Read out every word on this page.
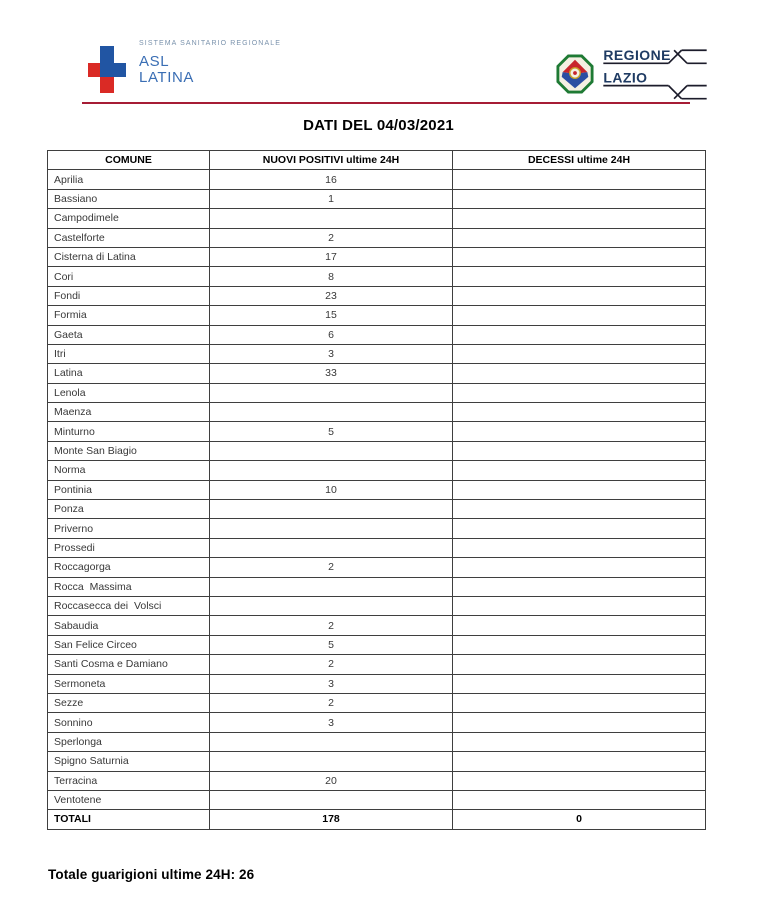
SISTEMA SANITARIO REGIONALE
ASL
LATINA
REGIONE
LAZIO
DATI DEL 04/03/2021
COMUNE	NUOVI POSITIVI ultime 24H	DECESSI ultime 24H
Aprilia	16	
Bassiano	1	
Campodimele		
Castelforte	2	
Cisterna di Latina	17	
Cori	8	
Fondi	23	
Formia	15	
Gaeta	6	
Itri	3	
Latina	33	
Lenola		
Maenza		
Minturno	5	
Monte San Biagio		
Norma		
Pontinia	10	
Ponza		
Priverno		
Prossedi		
Roccagorga	2	
Rocca  Massima		
Roccasecca dei  Volsci		
Sabaudia	2	
San Felice Circeo	5	
Santi Cosma e Damiano	2	
Sermoneta	3	
Sezze	2	
Sonnino	3	
Sperlonga		
Spigno Saturnia		
Terracina	20	
Ventotene		
TOTALI	178	0
Totale guarigioni ultime 24H: 26
